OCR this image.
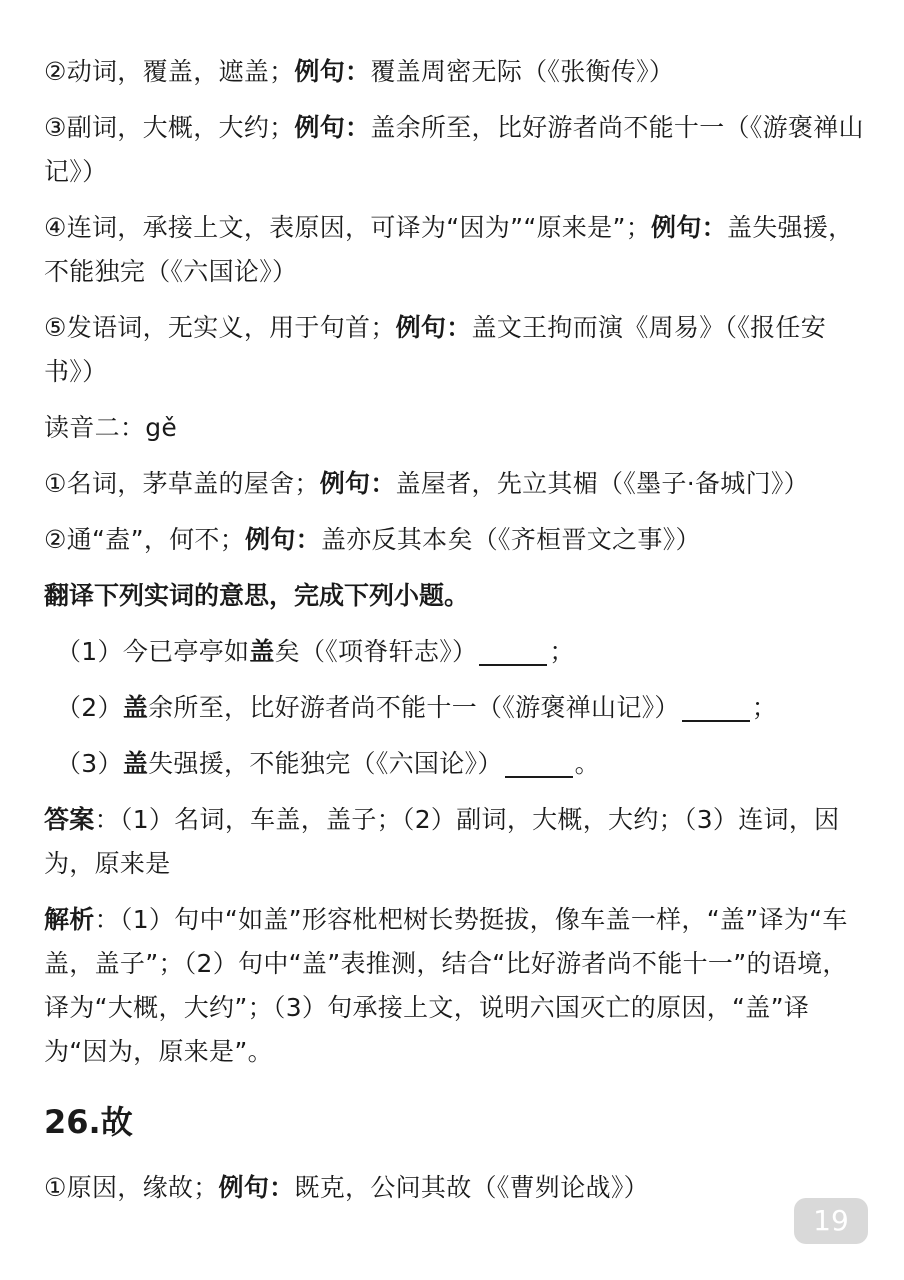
②动词，覆盖，遮盖；例句：覆盖周密无际（《张衡传》）

③副词，大概，大约；例句：盖余所至，比好游者尚不能十一（《游褒禅山记》）

④连词，承接上文，表原因，可译为“因为”“原来是”；例句：盖失强援，不能独完（《六国论》）

⑤发语词，无实义，用于句首；例句：盖文王拘而演《周易》（《报任安书》）

读音二：gě

①名词，茅草盖的屋舍；例句：盖屋者，先立其楣（《墨子·备城门》）

②通“盍”，何不；例句：盖亦反其本矣（《齐桓晋文之事》）

翻译下列实词的意思，完成下列小题。

（1）今已亭亭如盖矣（《项脊轩志》）	；

（2）盖余所至，比好游者尚不能十一（《游褒禅山记》）	；

（3）盖失强援，不能独完（《六国论》）	。

答案：（1）名词，车盖，盖子；（2）副词，大概，大约；（3）连词，因为，原来是

解析：（1）句中“如盖”形容枇杷树长势挺拔，像车盖一样，“盖”译为“车盖，盖子”；（2）句中“盖”表推测，结合“比好游者尚不能十一”的语境，译为“大概，大约”；（3）句承接上文，说明六国灭亡的原因，“盖”译为“因为，原来是”。

26.故

①原因，缘故；例句：既克，公问其故（《曹刿论战》）

19
